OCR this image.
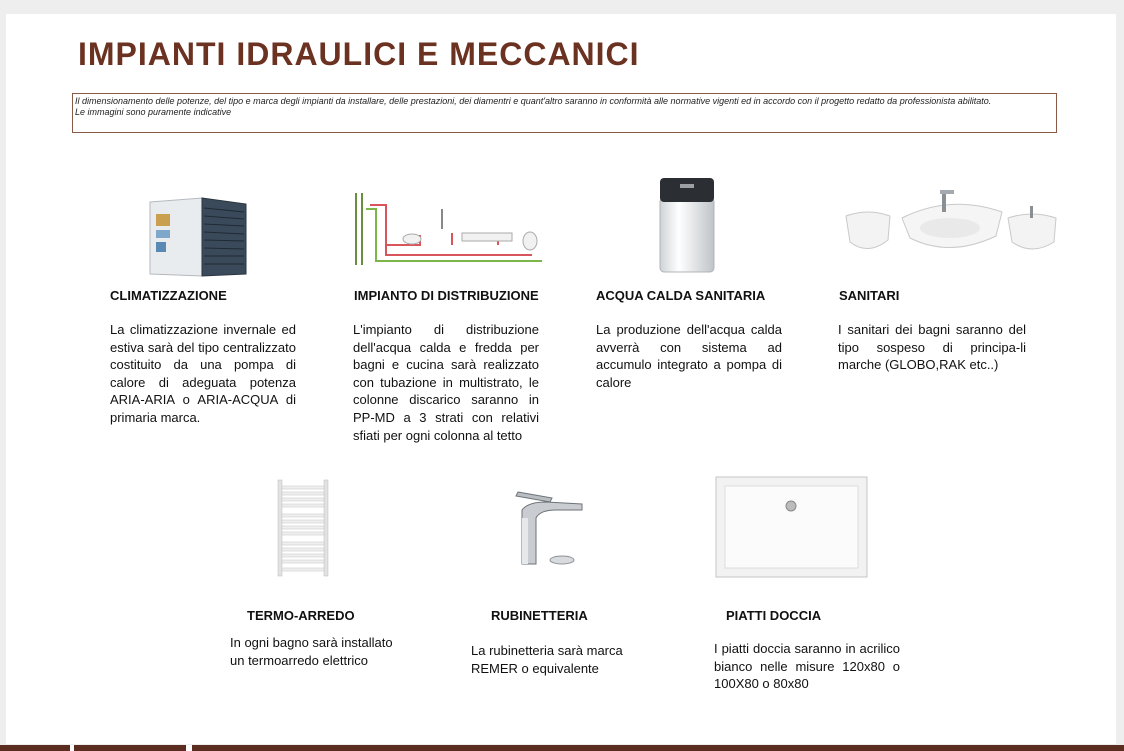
IMPIANTI IDRAULICI E MECCANICI

Il dimensionamento delle potenze, del tipo e marca degli impianti da installare, delle prestazioni, dei diamentri e quant'altro saranno in conformità alle normative vigenti ed in accordo con il progetto redatto da professionista abilitato.

Le immagini sono puramente indicative

CLIMATIZZAZIONE

La climatizzazione invernale ed estiva sarà del tipo centralizzato costituito da una pompa di calore di adeguata potenza ARIA-ARIA o ARIA-ACQUA di primaria marca.

IMPIANTO DI DISTRIBUZIONE

L'impianto di distribuzione dell'acqua calda e fredda per bagni e cucina sarà realizzato con tubazione in multistrato, le colonne discarico saranno in PP-MD a 3 strati con relativi sfiati per ogni colonna al tetto

ACQUA CALDA SANITARIA

La produzione dell'acqua calda avverrà con sistema ad accumulo integrato a pompa di calore

SANITARI

I sanitari dei bagni saranno del tipo sospeso di principa-li marche (GLOBO,RAK etc..)

TERMO-ARREDO

In ogni bagno sarà installato un termoarredo elettrico

RUBINETTERIA

La rubinetteria sarà marca REMER o equivalente

PIATTI DOCCIA

I piatti doccia saranno in acrilico bianco nelle misure 120x80 o 100X80 o 80x80
